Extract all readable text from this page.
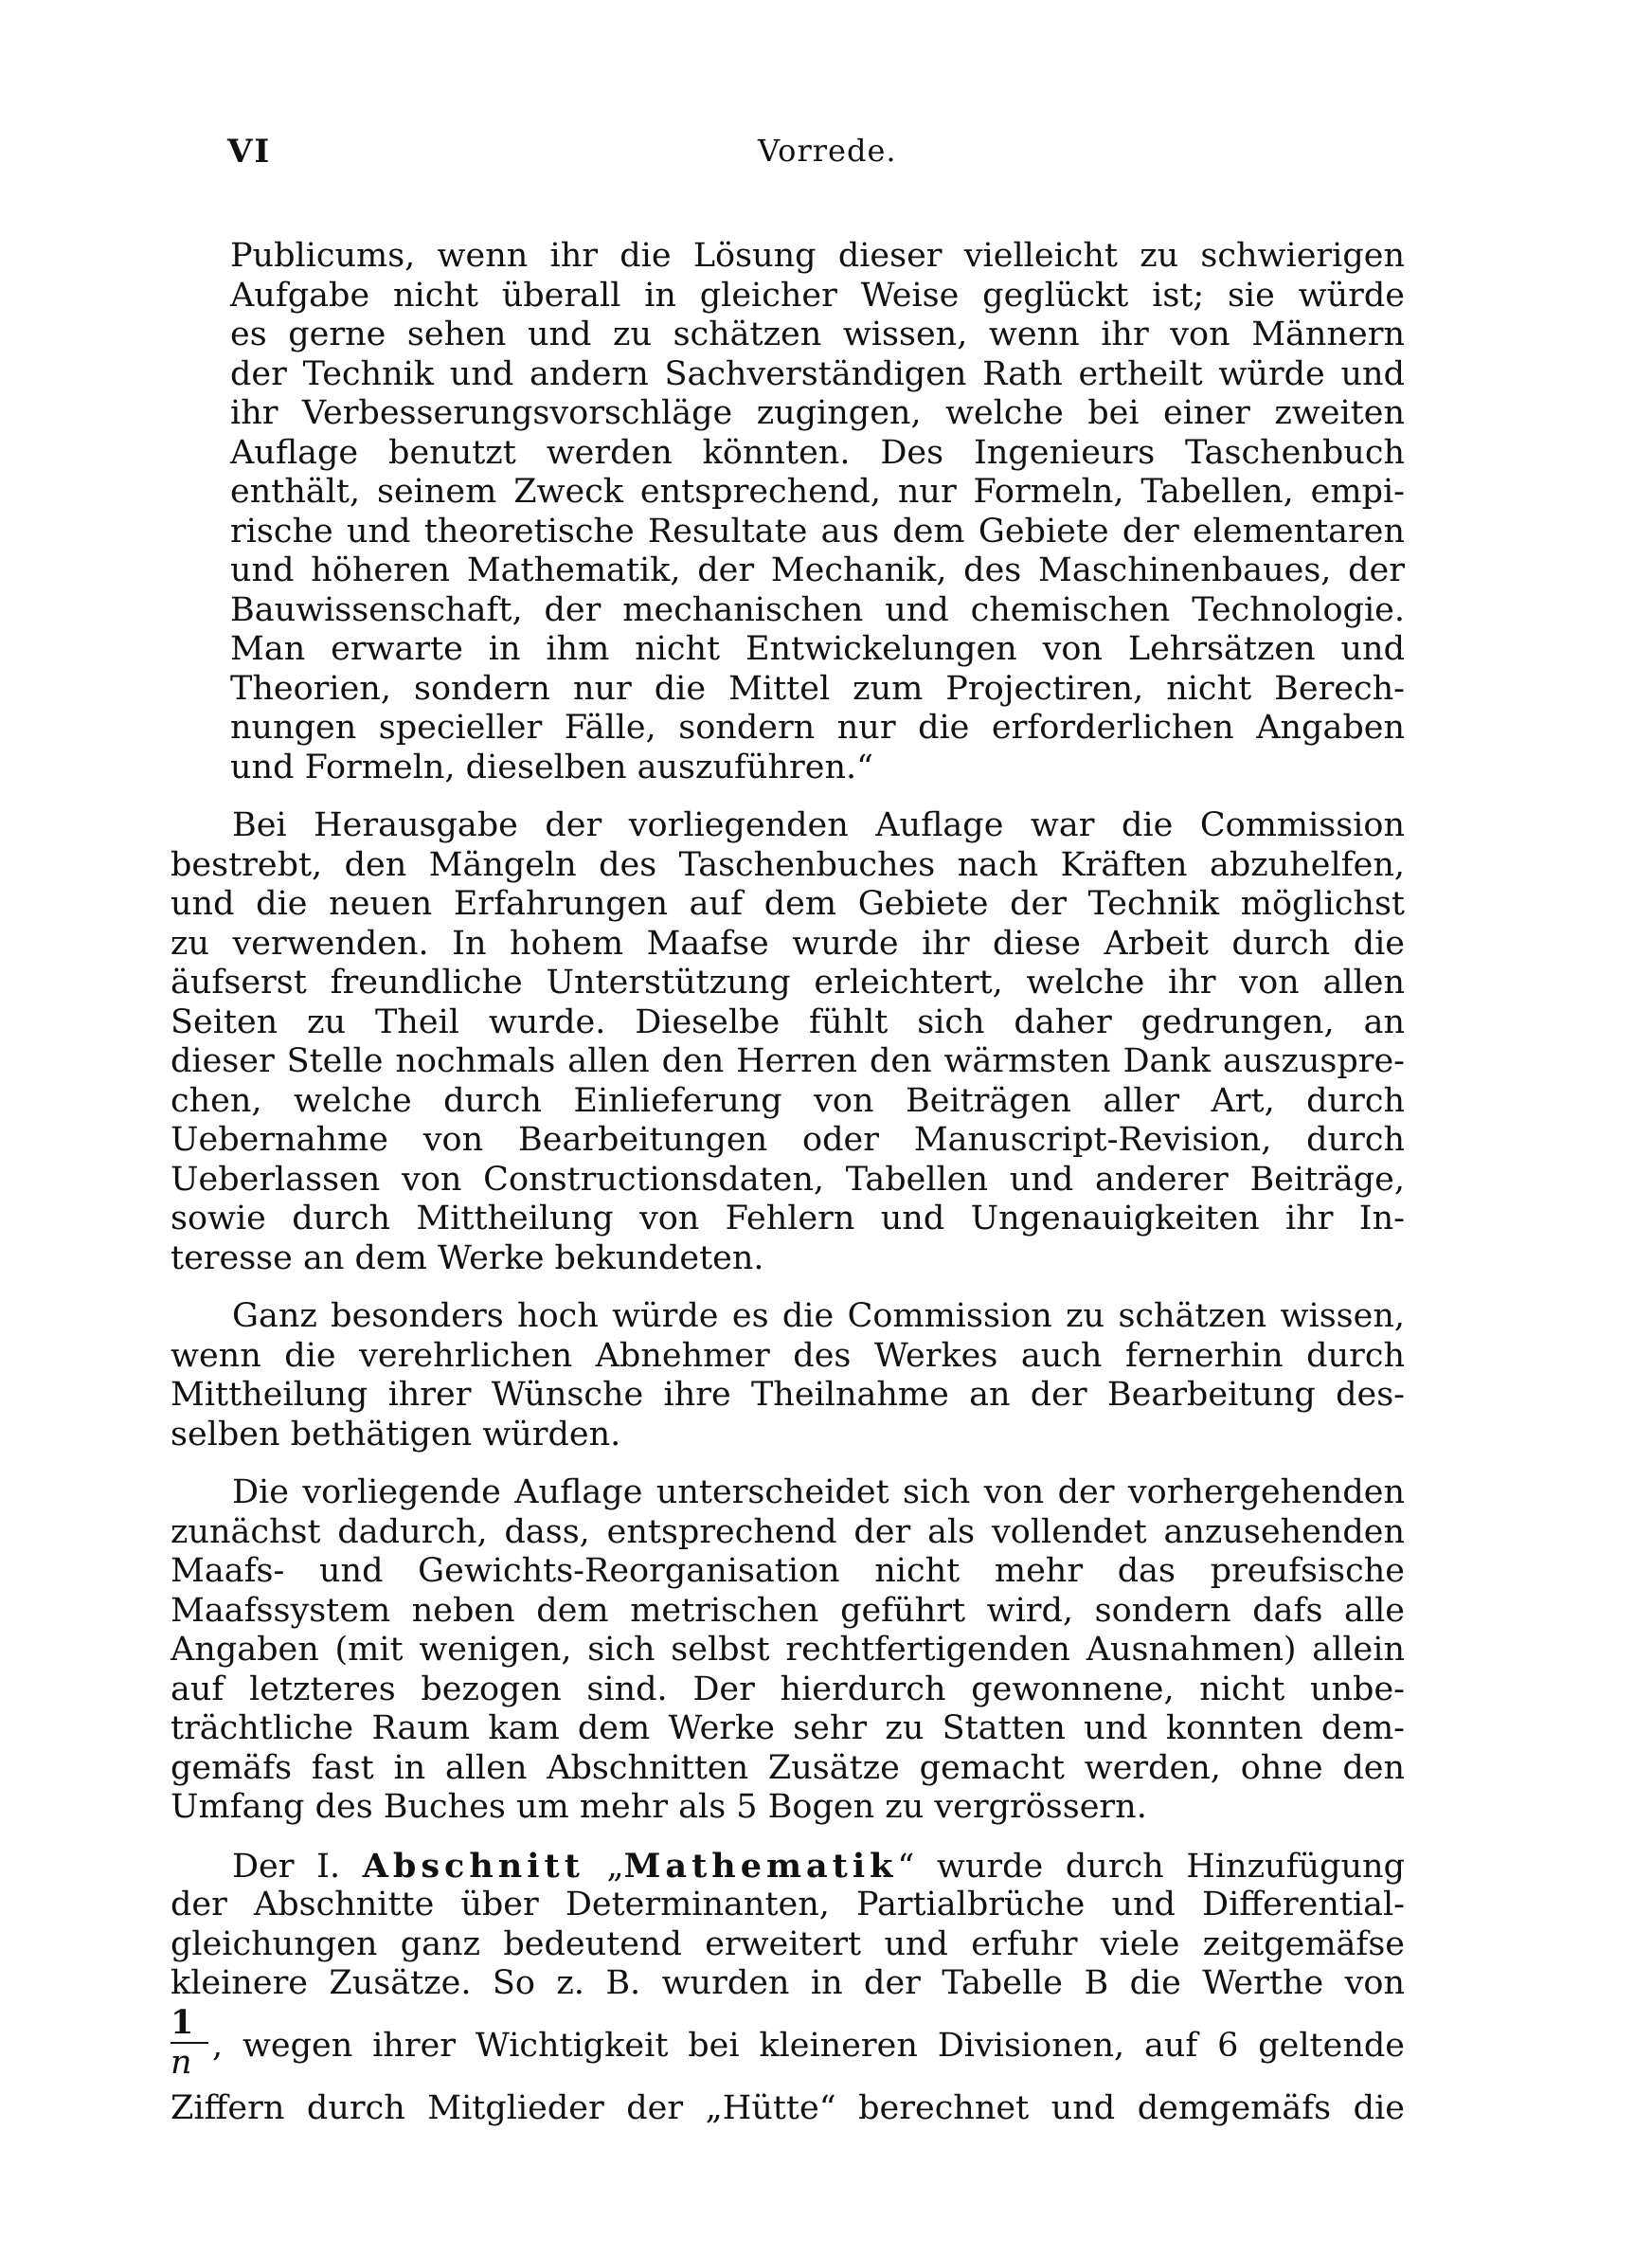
VI	Vorrede.
Publicums, wenn ihr die Lösung dieser vielleicht zu schwierigen
Aufgabe nicht überall in gleicher Weise geglückt ist; sie würde
es gerne sehen und zu schätzen wissen, wenn ihr von Männern
der Technik und andern Sachverständigen Rath ertheilt würde und
ihr Verbesserungsvorschläge zugingen, welche bei einer zweiten
Auflage benutzt werden könnten. Des Ingenieurs Taschenbuch
enthält, seinem Zweck entsprechend, nur Formeln, Tabellen, empi-
rische und theoretische Resultate aus dem Gebiete der elementaren
und höheren Mathematik, der Mechanik, des Maschinenbaues, der
Bauwissenschaft, der mechanischen und chemischen Technologie.
Man erwarte in ihm nicht Entwickelungen von Lehrsätzen und
Theorien, sondern nur die Mittel zum Projectiren, nicht Berech-
nungen specieller Fälle, sondern nur die erforderlichen Angaben
und Formeln, dieselben auszuführen.“
Bei Herausgabe der vorliegenden Auflage war die Commission
bestrebt, den Mängeln des Taschenbuches nach Kräften abzuhelfen,
und die neuen Erfahrungen auf dem Gebiete der Technik möglichst
zu verwenden. In hohem Maafse wurde ihr diese Arbeit durch die
äufserst freundliche Unterstützung erleichtert, welche ihr von allen
Seiten zu Theil wurde. Dieselbe fühlt sich daher gedrungen, an
dieser Stelle nochmals allen den Herren den wärmsten Dank auszuspre-
chen, welche durch Einlieferung von Beiträgen aller Art, durch
Uebernahme von Bearbeitungen oder Manuscript-Revision, durch
Ueberlassen von Constructionsdaten, Tabellen und anderer Beiträge,
sowie durch Mittheilung von Fehlern und Ungenauigkeiten ihr In-
teresse an dem Werke bekundeten.
Ganz besonders hoch würde es die Commission zu schätzen wissen,
wenn die verehrlichen Abnehmer des Werkes auch fernerhin durch
Mittheilung ihrer Wünsche ihre Theilnahme an der Bearbeitung des-
selben bethätigen würden.
Die vorliegende Auflage unterscheidet sich von der vorhergehenden
zunächst dadurch, dass, entsprechend der als vollendet anzusehenden
Maafs- und Gewichts-Reorganisation nicht mehr das preufsische
Maafssystem neben dem metrischen geführt wird, sondern dafs alle
Angaben (mit wenigen, sich selbst rechtfertigenden Ausnahmen) allein
auf letzteres bezogen sind. Der hierdurch gewonnene, nicht unbe-
trächtliche Raum kam dem Werke sehr zu Statten und konnten dem-
gemäfs fast in allen Abschnitten Zusätze gemacht werden, ohne den
Umfang des Buches um mehr als 5 Bogen zu vergrössern.
Der I. Abschnitt „Mathematik“ wurde durch Hinzufügung
der Abschnitte über Determinanten, Partialbrüche und Differential-
gleichungen ganz bedeutend erweitert und erfuhr viele zeitgemäfse
kleinere Zusätze. So z. B. wurden in der Tabelle B die Werthe von
$\frac{1}{n}$ , wegen ihrer Wichtigkeit bei kleineren Divisionen, auf 6 geltende
Ziffern durch Mitglieder der „Hütte“ berechnet und demgemäfs die
